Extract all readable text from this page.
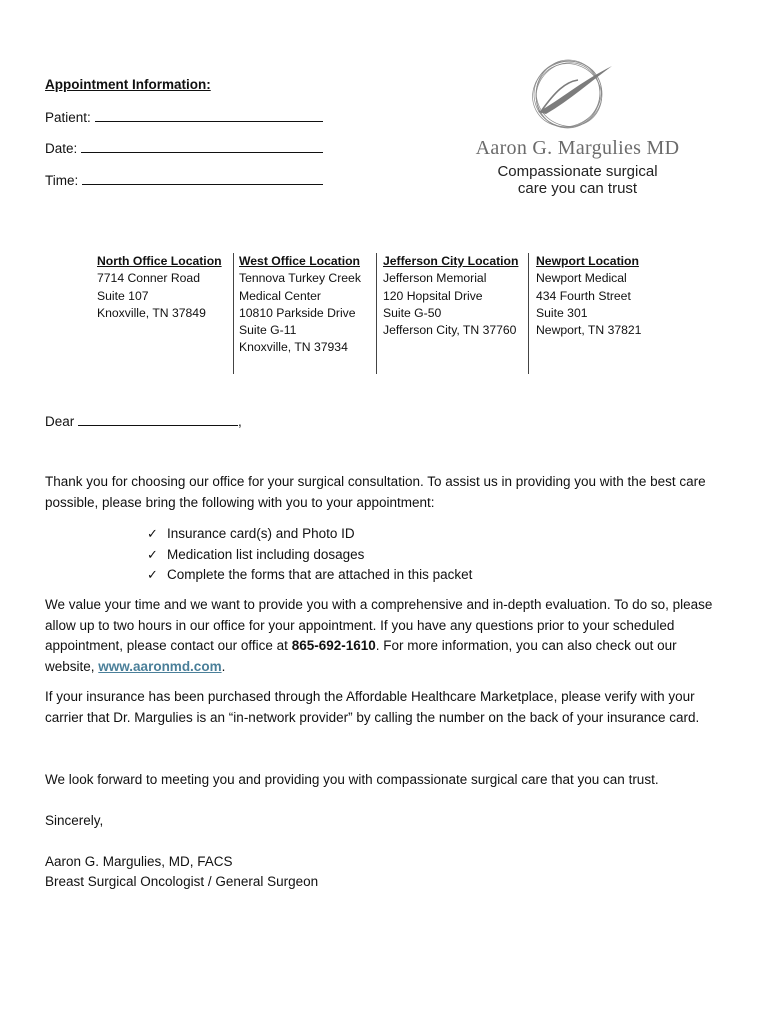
Appointment Information:
Patient:
Date:
Time:
Aaron G. Margulies MD
Compassionate surgical
care you can trust
North Office Location
7714 Conner Road
Suite 107
Knoxville, TN 37849
West Office Location
Tennova Turkey Creek
Medical Center
10810 Parkside Drive
Suite G-11
Knoxville, TN 37934
Jefferson City Location
Jefferson Memorial
120 Hopsital Drive
Suite G-50
Jefferson City, TN 37760
Newport Location
Newport Medical
434 Fourth Street
Suite 301
Newport, TN 37821
Dear	,
Thank you for choosing our office for your surgical consultation. To assist us in providing you with the best care possible, please bring the following with you to your appointment:
✓ Insurance card(s) and Photo ID
✓ Medication list including dosages
✓ Complete the forms that are attached in this packet
We value your time and we want to provide you with a comprehensive and in-depth evaluation. To do so, please allow up to two hours in our office for your appointment. If you have any questions prior to your scheduled appointment, please contact our office at 865-692-1610. For more information, you can also check out our website, www.aaronmd.com.
If your insurance has been purchased through the Affordable Healthcare Marketplace, please verify with your carrier that Dr. Margulies is an “in-network provider” by calling the number on the back of your insurance card.
We look forward to meeting you and providing you with compassionate surgical care that you can trust.
Sincerely,
Aaron G. Margulies, MD, FACS
Breast Surgical Oncologist / General Surgeon
